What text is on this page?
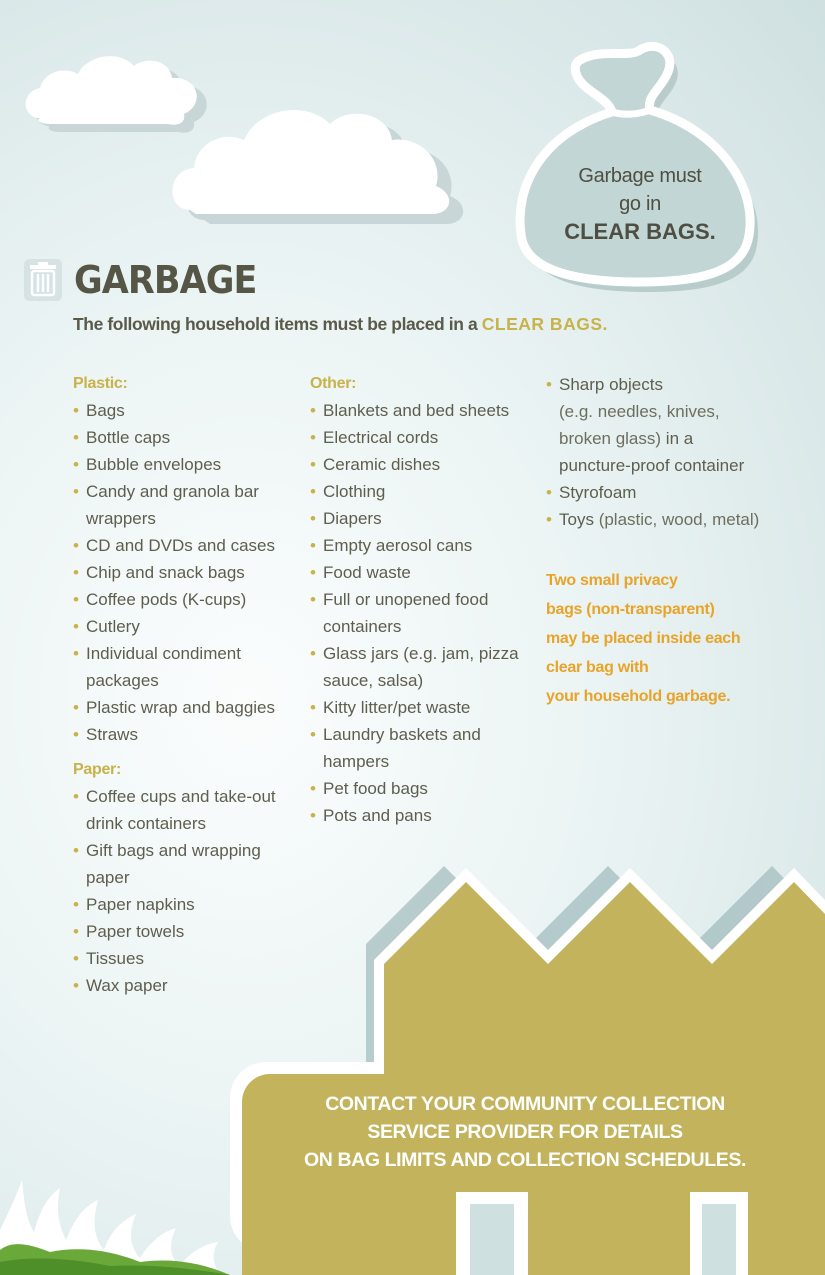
Garbage must
go in
CLEAR BAGS.
GARBAGE
The following household items must be placed in a CLEAR BAGS.
Plastic:
• Bags
• Bottle caps
• Bubble envelopes
• Candy and granola bar wrappers
• CD and DVDs and cases
• Chip and snack bags
• Coffee pods (K-cups)
• Cutlery
• Individual condiment packages
• Plastic wrap and baggies
• Straws
Paper:
• Coffee cups and take-out drink containers
• Gift bags and wrapping paper
• Paper napkins
• Paper towels
• Tissues
• Wax paper
Other:
• Blankets and bed sheets
• Electrical cords
• Ceramic dishes
• Clothing
• Diapers
• Empty aerosol cans
• Food waste
• Full or unopened food containers
• Glass jars (e.g. jam, pizza sauce, salsa)
• Kitty litter/pet waste
• Laundry baskets and hampers
• Pet food bags
• Pots and pans
• Sharp objects
(e.g. needles, knives, broken glass) in a puncture-proof container
• Styrofoam
• Toys (plastic, wood, metal)
Two small privacy
bags (non-transparent)
may be placed inside each
clear bag with
your household garbage.
CONTACT YOUR COMMUNITY COLLECTION
SERVICE PROVIDER FOR DETAILS
ON BAG LIMITS AND COLLECTION SCHEDULES.
